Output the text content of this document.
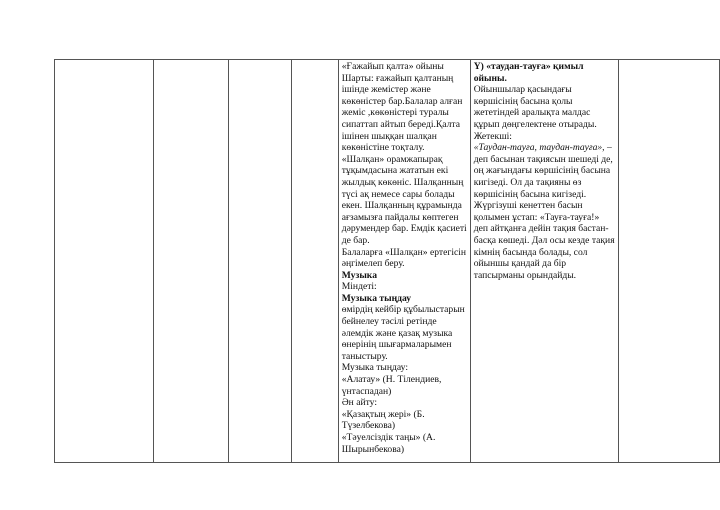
«Ғажайып қалта» ойыны
Шарты: ғажайып қалтаның
ішінде жемістер және
көкөністер бар.Балалар алған
жеміс ,көкөністері туралы
сипаттап айтып береді.Қалта
ішінен шыққан шалқан
көкөністіне тоқталу.
«Шалқан» орамжапырақ
тұқымдасына жататын екі
жылдық көкөніс. Шалқанның
түсі ақ немесе сары болады
екен. Шалқанның құрамында
ағзамызға пайдалы көптеген
дәрумендер бар. Емдік қасиеті
де бар.
Балаларға «Шалқан» ертегісін
әңгімелеп беру.
Музыка
Міндеті:
Музыка тыңдау
өмірдің кейбір құбылыстарын
бейнелеу тәсілі ретінде
әлемдік және қазақ музыка
өнерінің шығармаларымен
таныстыру.
Музыка тыңдау:
«Алатау» (Н. Тілендиев,
үнтаспадан)
Ән айту:
«Қазақтың жері» (Б.
Түзелбекова)
«Тәуелсіздік таңы» (А.
Шырынбекова)

Ү) «таудан-тауға» қимыл
ойыны.
Ойыншылар қасындағы
көршісінің басына қолы
жететіндей аралықта малдас
құрып дөңгелектене отырады.
Жетекші:
«Таудан-тауға, таудан-тауға», –
деп басынан тақиясын шешеді де,
оң жағындағы көршісінің басына
кигізеді. Ол да тақияны өз
көршісінің басына кигізеді.
Жүргізуші кенеттен басын
қолымен ұстап: «Тауға-тауға!»
деп айтқанға дейін тақия бастан-
басқа көшеді. Дәл осы кезде тақия
кімнің басында болады, сол
ойыншы қандай да бір
тапсырманы орындайды.
